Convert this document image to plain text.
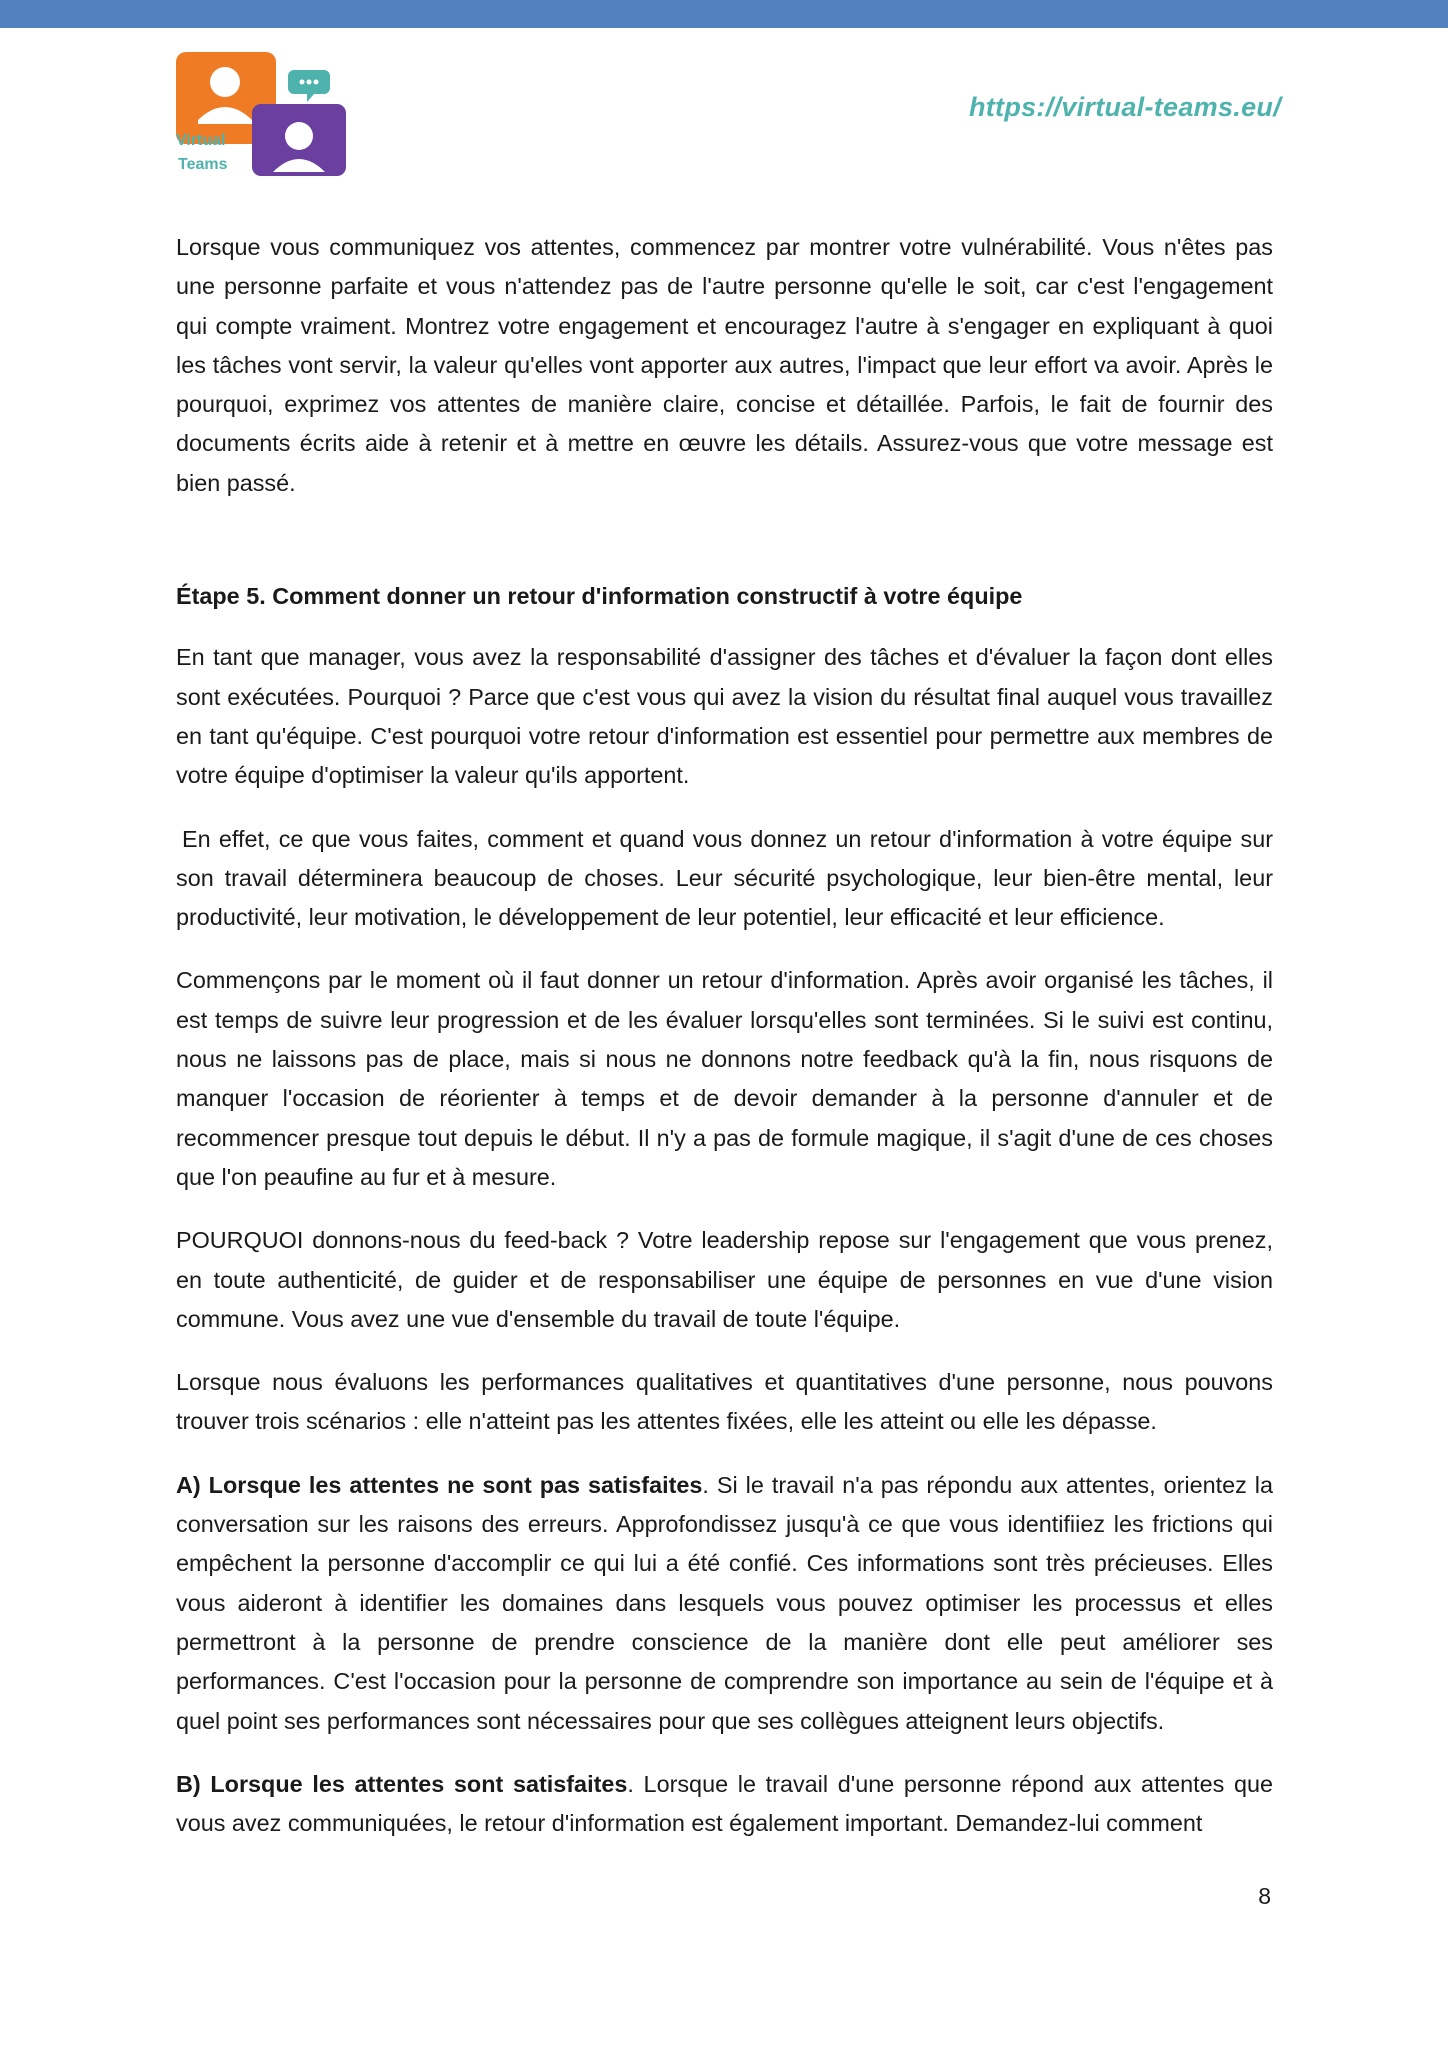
Virtual
Teams
https://virtual-teams.eu/

Lorsque vous communiquez vos attentes, commencez par montrer votre vulnérabilité. Vous n'êtes pas une personne parfaite et vous n'attendez pas de l'autre personne qu'elle le soit, car c'est l'engagement qui compte vraiment. Montrez votre engagement et encouragez l'autre à s'engager en expliquant à quoi les tâches vont servir, la valeur qu'elles vont apporter aux autres, l'impact que leur effort va avoir. Après le pourquoi, exprimez vos attentes de manière claire, concise et détaillée. Parfois, le fait de fournir des documents écrits aide à retenir et à mettre en œuvre les détails. Assurez-vous que votre message est bien passé.

Étape 5. Comment donner un retour d'information constructif à votre équipe

En tant que manager, vous avez la responsabilité d'assigner des tâches et d'évaluer la façon dont elles sont exécutées. Pourquoi ? Parce que c'est vous qui avez la vision du résultat final auquel vous travaillez en tant qu'équipe. C'est pourquoi votre retour d'information est essentiel pour permettre aux membres de votre équipe d'optimiser la valeur qu'ils apportent.

En effet, ce que vous faites, comment et quand vous donnez un retour d'information à votre équipe sur son travail déterminera beaucoup de choses. Leur sécurité psychologique, leur bien-être mental, leur productivité, leur motivation, le développement de leur potentiel, leur efficacité et leur efficience.

Commençons par le moment où il faut donner un retour d'information. Après avoir organisé les tâches, il est temps de suivre leur progression et de les évaluer lorsqu'elles sont terminées. Si le suivi est continu, nous ne laissons pas de place, mais si nous ne donnons notre feedback qu'à la fin, nous risquons de manquer l'occasion de réorienter à temps et de devoir demander à la personne d'annuler et de recommencer presque tout depuis le début. Il n'y a pas de formule magique, il s'agit d'une de ces choses que l'on peaufine au fur et à mesure.

POURQUOI donnons-nous du feed-back ? Votre leadership repose sur l'engagement que vous prenez, en toute authenticité, de guider et de responsabiliser une équipe de personnes en vue d'une vision commune. Vous avez une vue d'ensemble du travail de toute l'équipe.

Lorsque nous évaluons les performances qualitatives et quantitatives d'une personne, nous pouvons trouver trois scénarios : elle n'atteint pas les attentes fixées, elle les atteint ou elle les dépasse.

A) Lorsque les attentes ne sont pas satisfaites. Si le travail n'a pas répondu aux attentes, orientez la conversation sur les raisons des erreurs. Approfondissez jusqu'à ce que vous identifiiez les frictions qui empêchent la personne d'accomplir ce qui lui a été confié. Ces informations sont très précieuses. Elles vous aideront à identifier les domaines dans lesquels vous pouvez optimiser les processus et elles permettront à la personne de prendre conscience de la manière dont elle peut améliorer ses performances. C'est l'occasion pour la personne de comprendre son importance au sein de l'équipe et à quel point ses performances sont nécessaires pour que ses collègues atteignent leurs objectifs.

B) Lorsque les attentes sont satisfaites. Lorsque le travail d'une personne répond aux attentes que vous avez communiquées, le retour d'information est également important. Demandez-lui comment

8
